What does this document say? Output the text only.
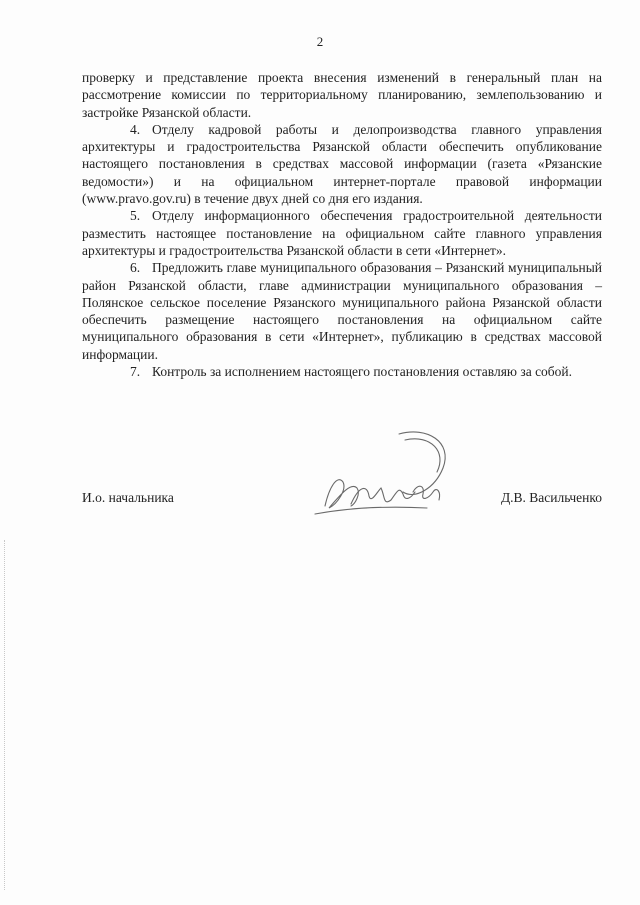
2

проверку и представление проекта внесения изменений в генеральный план на рассмотрение комиссии по территориальному планированию, землепользованию и застройке Рязанской области.

4. Отделу кадровой работы и делопроизводства главного управления архитектуры и градостроительства Рязанской области обеспечить опубликование настоящего постановления в средствах массовой информации (газета «Рязанские ведомости») и на официальном интернет-портале правовой информации (www.pravo.gov.ru) в течение двух дней со дня его издания.

5. Отделу информационного обеспечения градостроительной деятельности разместить настоящее постановление на официальном сайте главного управления архитектуры и градостроительства Рязанской области в сети «Интернет».

6. Предложить главе муниципального образования – Рязанский муниципальный район Рязанской области, главе администрации муниципального образования – Полянское сельское поселение Рязанского муниципального района Рязанской области обеспечить размещение настоящего постановления на официальном сайте муниципального образования в сети «Интернет», публикацию в средствах массовой информации.

7. Контроль за исполнением настоящего постановления оставляю за собой.

И.о. начальника	Д.В. Васильченко
